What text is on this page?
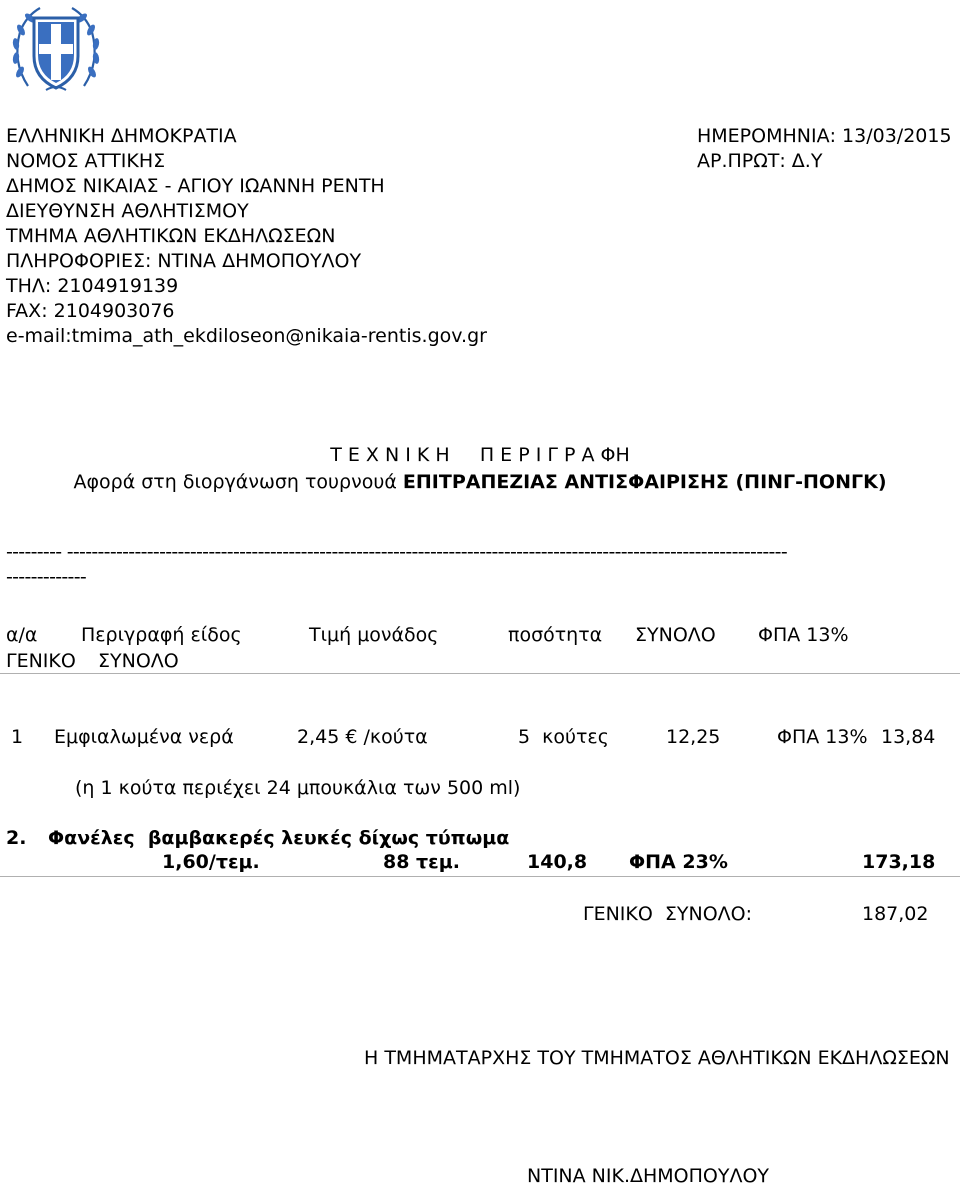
ΕΛΛΗΝΙΚΗ ΔΗΜΟΚΡΑΤΙΑ
ΝΟΜΟΣ ΑΤΤΙΚΗΣ
ΔΗΜΟΣ ΝΙΚΑΙΑΣ - ΑΓΙΟΥ ΙΩΑΝΝΗ ΡΕΝΤΗ
ΔΙΕΥΘΥΝΣΗ ΑΘΛΗΤΙΣΜΟΥ
ΤΜΗΜΑ ΑΘΛΗΤΙΚΩΝ ΕΚΔΗΛΩΣΕΩΝ
ΠΛΗΡΟΦΟΡΙΕΣ: ΝΤΙΝΑ ΔΗΜΟΠΟΥΛΟΥ
ΤΗΛ: 2104919139
FAX: 2104903076
e-mail:tmima_ath_ekdiloseon@nikaia-rentis.gov.gr
ΗΜΕΡΟΜΗΝΙΑ: 13/03/2015
ΑΡ.ΠΡΩΤ: Δ.Υ
Τ Ε Χ Ν Ι Κ Η     Π Ε Ρ Ι Γ Ρ Α ΦΗ
Αφορά στη διοργάνωση τουρνουά ΕΠΙΤΡΑΠΕΖΙΑΣ ΑΝΤΙΣΦΑΙΡΙΣΗΣ (ΠΙΝΓ-ΠΟΝΓΚ)
--------- ---------------------------------------------------------------------------------------------------------------------
-------------
α/α Περιγραφή είδος	Τιμή μονάδος	ποσότητα ΣΥΝΟΛΟ ΦΠΑ 13%
ΓΕΝΙΚΟ ΣΥΝΟΛΟ
1 Εμφιαλωμένα νερά	2,45 € /κούτα	5  κούτες	12,25	ΦΠΑ 13% 13,84
(η 1 κούτα περιέχει 24 μπουκάλια των 500 ml)
2. Φανέλες  βαμβακερές λευκές δίχως τύπωμα
1,60/τεμ.	88 τεμ.	140,8 ΦΠΑ 23%	173,18
ΓΕΝΙΚΟ  ΣΥΝΟΛΟ:	187,02
Η ΤΜΗΜΑΤΑΡΧΗΣ ΤΟΥ ΤΜΗΜΑΤΟΣ ΑΘΛΗΤΙΚΩΝ ΕΚΔΗΛΩΣΕΩΝ
ΝΤΙΝΑ ΝΙΚ.ΔΗΜΟΠΟΥΛΟΥ
